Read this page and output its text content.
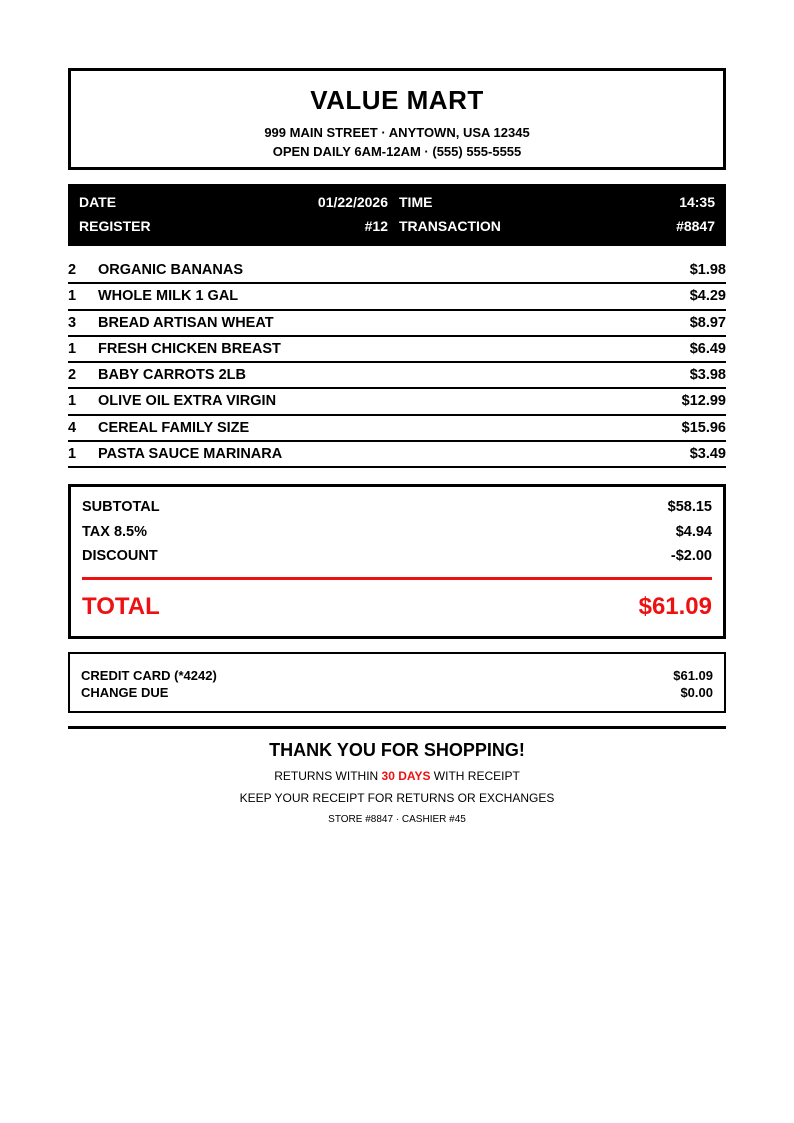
VALUE MART
999 MAIN STREET · ANYTOWN, USA 12345
OPEN DAILY 6AM-12AM · (555) 555-5555
DATE	01/22/2026 TIME	14:35
REGISTER	#12 TRANSACTION	#8847
2 ORGANIC BANANAS	$1.98
1 WHOLE MILK 1 GAL	$4.29
3 BREAD ARTISAN WHEAT	$8.97
1 FRESH CHICKEN BREAST	$6.49
2 BABY CARROTS 2LB	$3.98
1 OLIVE OIL EXTRA VIRGIN	$12.99
4 CEREAL FAMILY SIZE	$15.96
1 PASTA SAUCE MARINARA	$3.49
SUBTOTAL	$58.15
TAX 8.5%	$4.94
DISCOUNT	-$2.00
TOTAL	$61.09
CREDIT CARD (*4242)	$61.09
CHANGE DUE	$0.00
THANK YOU FOR SHOPPING!
RETURNS WITHIN 30 DAYS WITH RECEIPT
KEEP YOUR RECEIPT FOR RETURNS OR EXCHANGES
STORE #8847 · CASHIER #45
